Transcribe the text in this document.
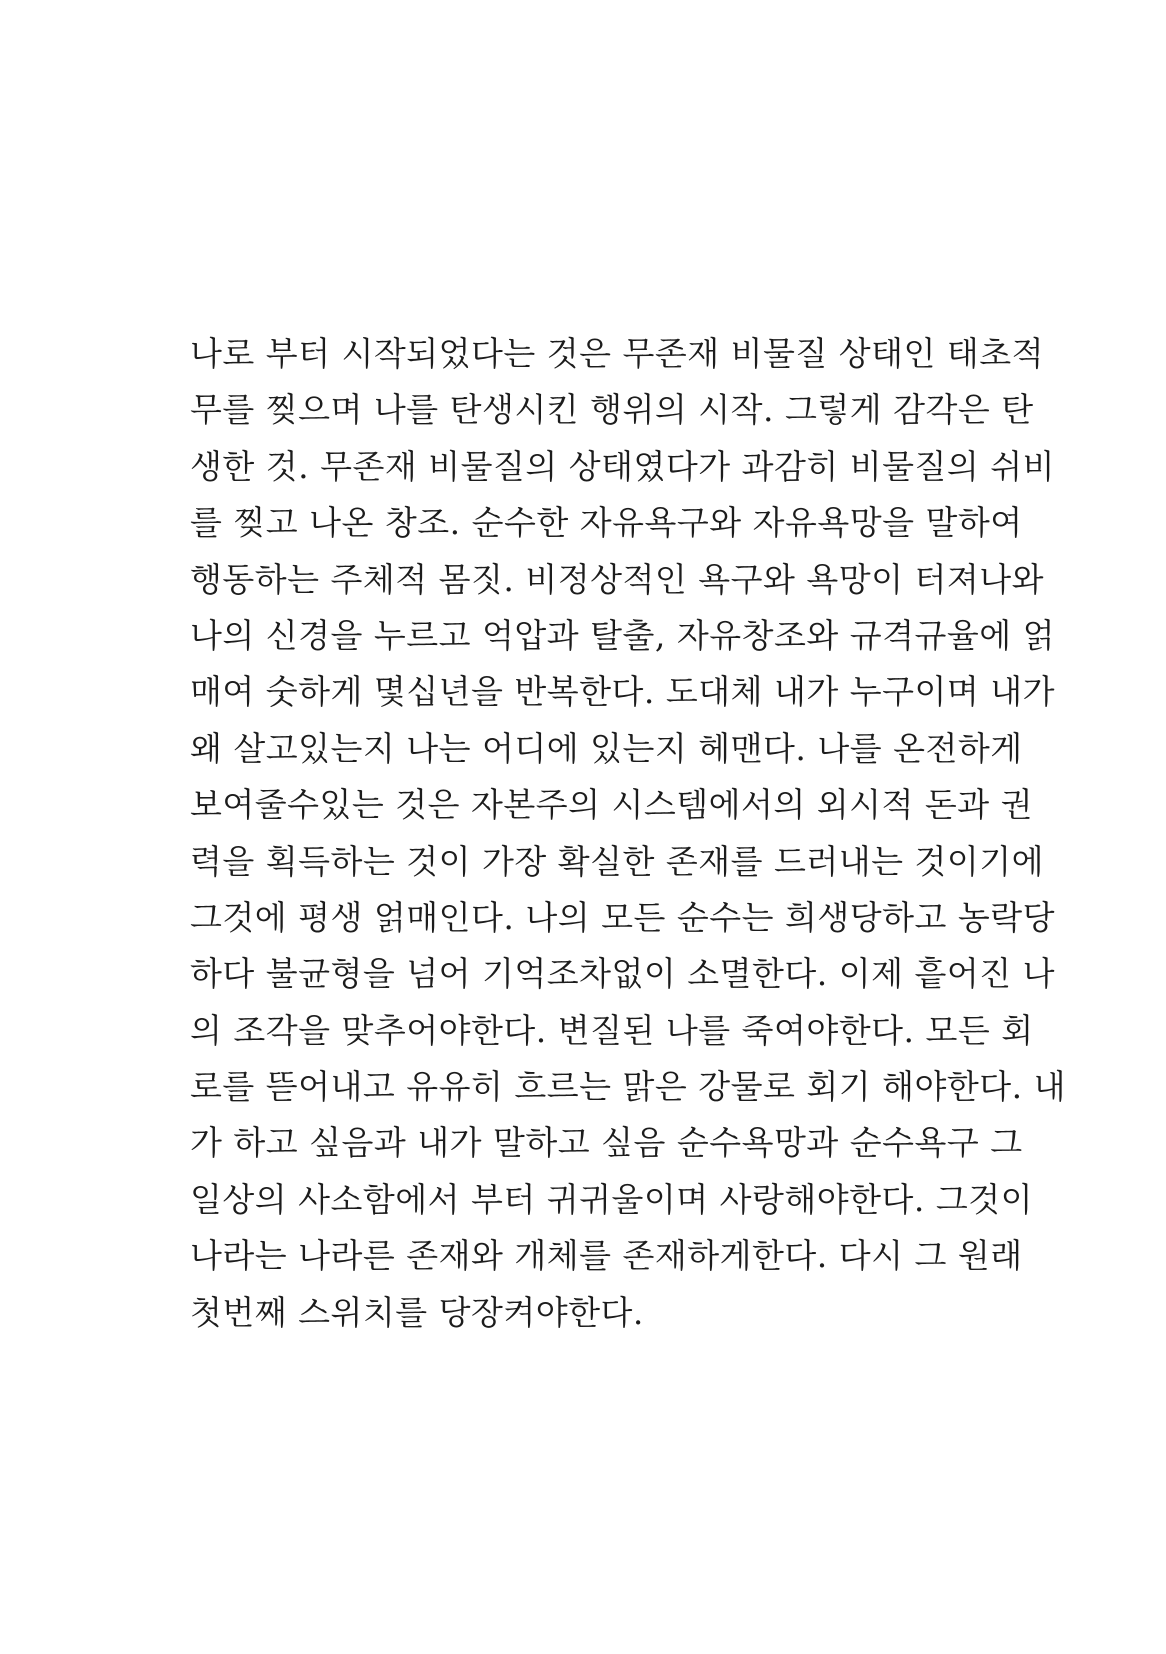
나로 부터 시작되었다는 것은 무존재 비물질 상태인 태초적
무를 찢으며 나를 탄생시킨 행위의 시작. 그렇게 감각은 탄
생한 것. 무존재 비물질의 상태였다가 과감히 비물질의 쉬비
를 찢고 나온 창조. 순수한 자유욕구와 자유욕망을 말하여
행동하는 주체적 몸짓. 비정상적인 욕구와 욕망이 터져나와
나의 신경을 누르고 억압과 탈출, 자유창조와 규격규율에 얽
매여 숫하게 몇십년을 반복한다. 도대체 내가 누구이며 내가
왜 살고있는지 나는 어디에 있는지 헤맨다. 나를 온전하게
보여줄수있는 것은 자본주의 시스템에서의 외시적 돈과 권
력을 획득하는 것이 가장 확실한 존재를 드러내는 것이기에
그것에 평생 얽매인다. 나의 모든 순수는 희생당하고 농락당
하다 불균형을 넘어 기억조차없이 소멸한다. 이제 흩어진 나
의 조각을 맞추어야한다. 변질된 나를 죽여야한다. 모든 회
로를 뜯어내고 유유히 흐르는 맑은 강물로 회기 해야한다. 내
가 하고 싶음과 내가 말하고 싶음 순수욕망과 순수욕구 그
일상의 사소함에서 부터 귀귀울이며 사랑해야한다. 그것이
나라는 나라른 존재와 개체를 존재하게한다. 다시 그 원래
첫번째 스위치를 당장켜야한다.
